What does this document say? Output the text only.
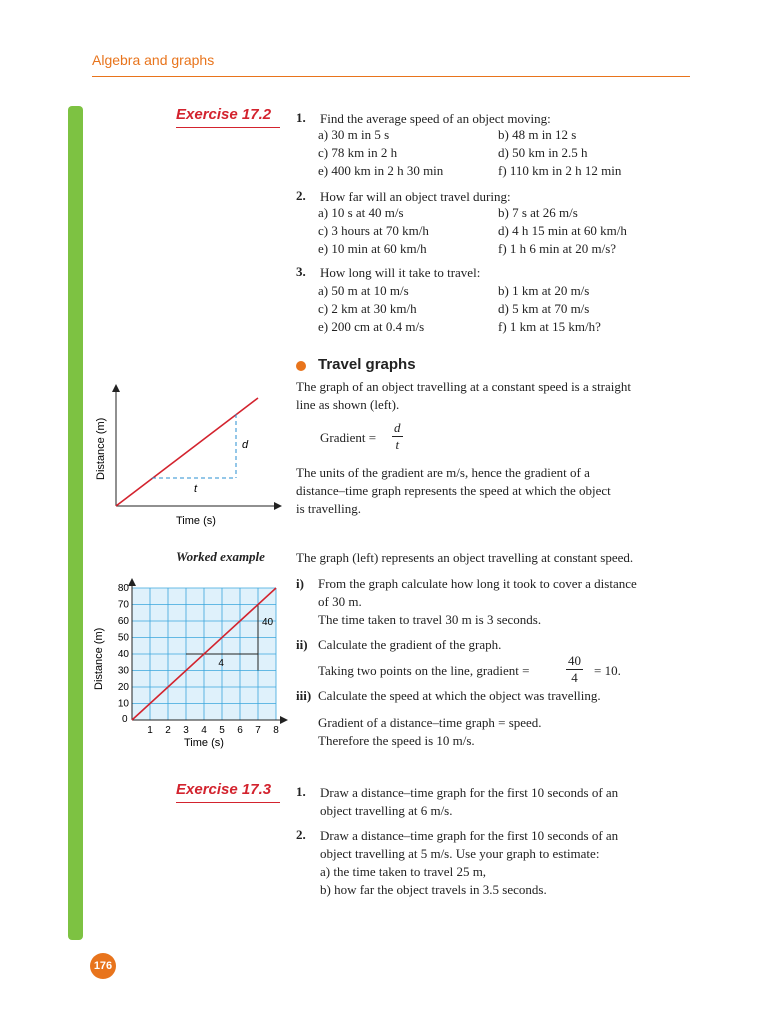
Algebra and graphs
Exercise 17.2 1. Find the average speed of an object moving:
a) 30 m in 5 s	b) 48 m in 12 s
c) 78 km in 2 h	d) 50 km in 2.5 h
e) 400 km in 2 h 30 min	f) 110 km in 2 h 12 min
2. How far will an object travel during:
a) 10 s at 40 m/s	b) 7 s at 26 m/s
c) 3 hours at 70 km/h	d) 4 h 15 min at 60 km/h
e) 10 min at 60 km/h	f) 1 h 6 min at 20 m/s?
3. How long will it take to travel:
a) 50 m at 10 m/s	b) 1 km at 20 m/s
c) 2 km at 30 km/h	d) 5 km at 70 m/s
e) 200 cm at 0.4 m/s	f) 1 km at 15 km/h?
Travel graphs
The graph of an object travelling at a constant speed is a straight
line as shown (left).
Gradient = $\frac{d}{t}$
The units of the gradient are m/s, hence the gradient of a
distance–time graph represents the speed at which the object
is travelling.
d
t
Distance (m)
Time (s)
Worked example The graph (left) represents an object travelling at constant speed.
i) From the graph calculate how long it took to cover a distance
of 30 m.
The time taken to travel 30 m is 3 seconds.
ii) Calculate the gradient of the graph.
Taking two points on the line, gradient =	$\frac{40}{4} = 10$.
iii) Calculate the speed at which the object was travelling.
Gradient of a distance–time graph = speed.
Therefore the speed is 10 m/s.
1 2 3 4 5 6 7 8
10
20
30
40
50
60
70
80
0
40
4
Time (s)
Distance (m)
Exercise 17.3 1. Draw a distance–time graph for the first 10 seconds of an
object travelling at 6 m/s.
2. Draw a distance–time graph for the first 10 seconds of an
object travelling at 5 m/s. Use your graph to estimate:
a) the time taken to travel 25 m,
b) how far the object travels in 3.5 seconds.
176
